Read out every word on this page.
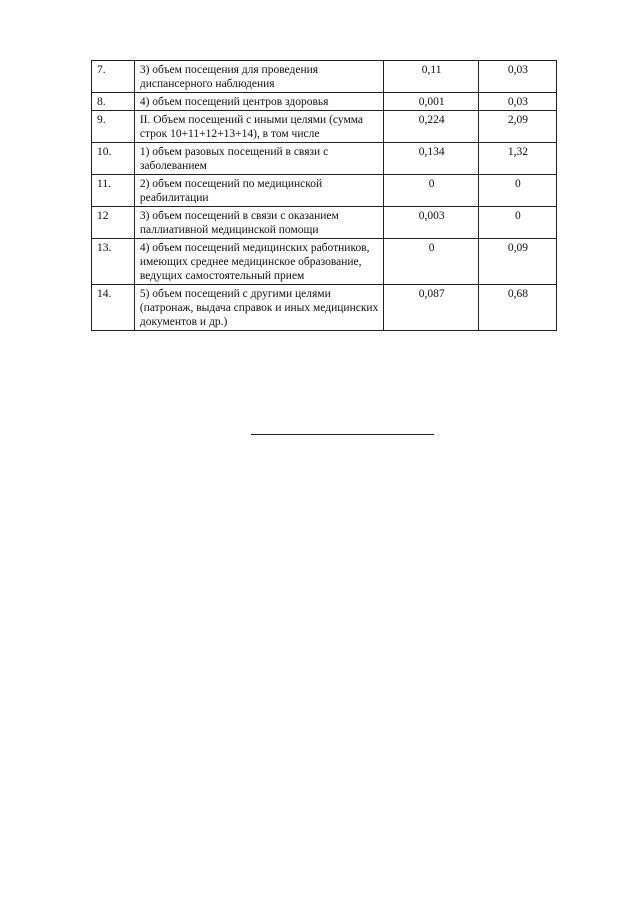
7.	3) объем посещения для проведения диспансерного наблюдения	0,11	0,03
8.	4) объем посещений центров здоровья	0,001	0,03
9.	II. Объем посещений с иными целями (сумма строк 10+11+12+13+14), в том числе	0,224	2,09
10.	1) объем разовых посещений в связи с заболеванием	0,134	1,32
11.	2) объем посещений по медицинской реабилитации	0	0
12	3) объем посещений в связи с оказанием паллиативной медицинской помощи	0,003	0
13.	4) объем посещений медицинских работников, имеющих среднее медицинское образование, ведущих самостоятельный прием	0	0,09
14.	5) объем посещений с другими целями (патронаж, выдача справок и иных медицинских документов и др.)	0,087	0,68
